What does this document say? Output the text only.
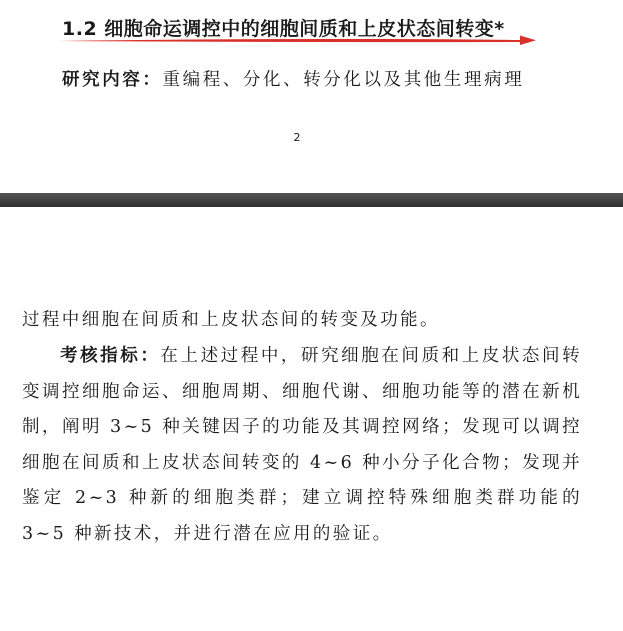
1.2 细胞命运调控中的细胞间质和上皮状态间转变*
研究内容：重编程、分化、转分化以及其他生理病理
2

过程中细胞在间质和上皮状态间的转变及功能。

考核指标：在上述过程中，研究细胞在间质和上皮状态间转变调控细胞命运、细胞周期、细胞代谢、细胞功能等的潜在新机制，阐明 3~5 种关键因子的功能及其调控网络；发现可以调控细胞在间质和上皮状态间转变的 4~6 种小分子化合物；发现并鉴定 2~3 种新的细胞类群；建立调控特殊细胞类群功能的 3~5 种新技术，并进行潜在应用的验证。
